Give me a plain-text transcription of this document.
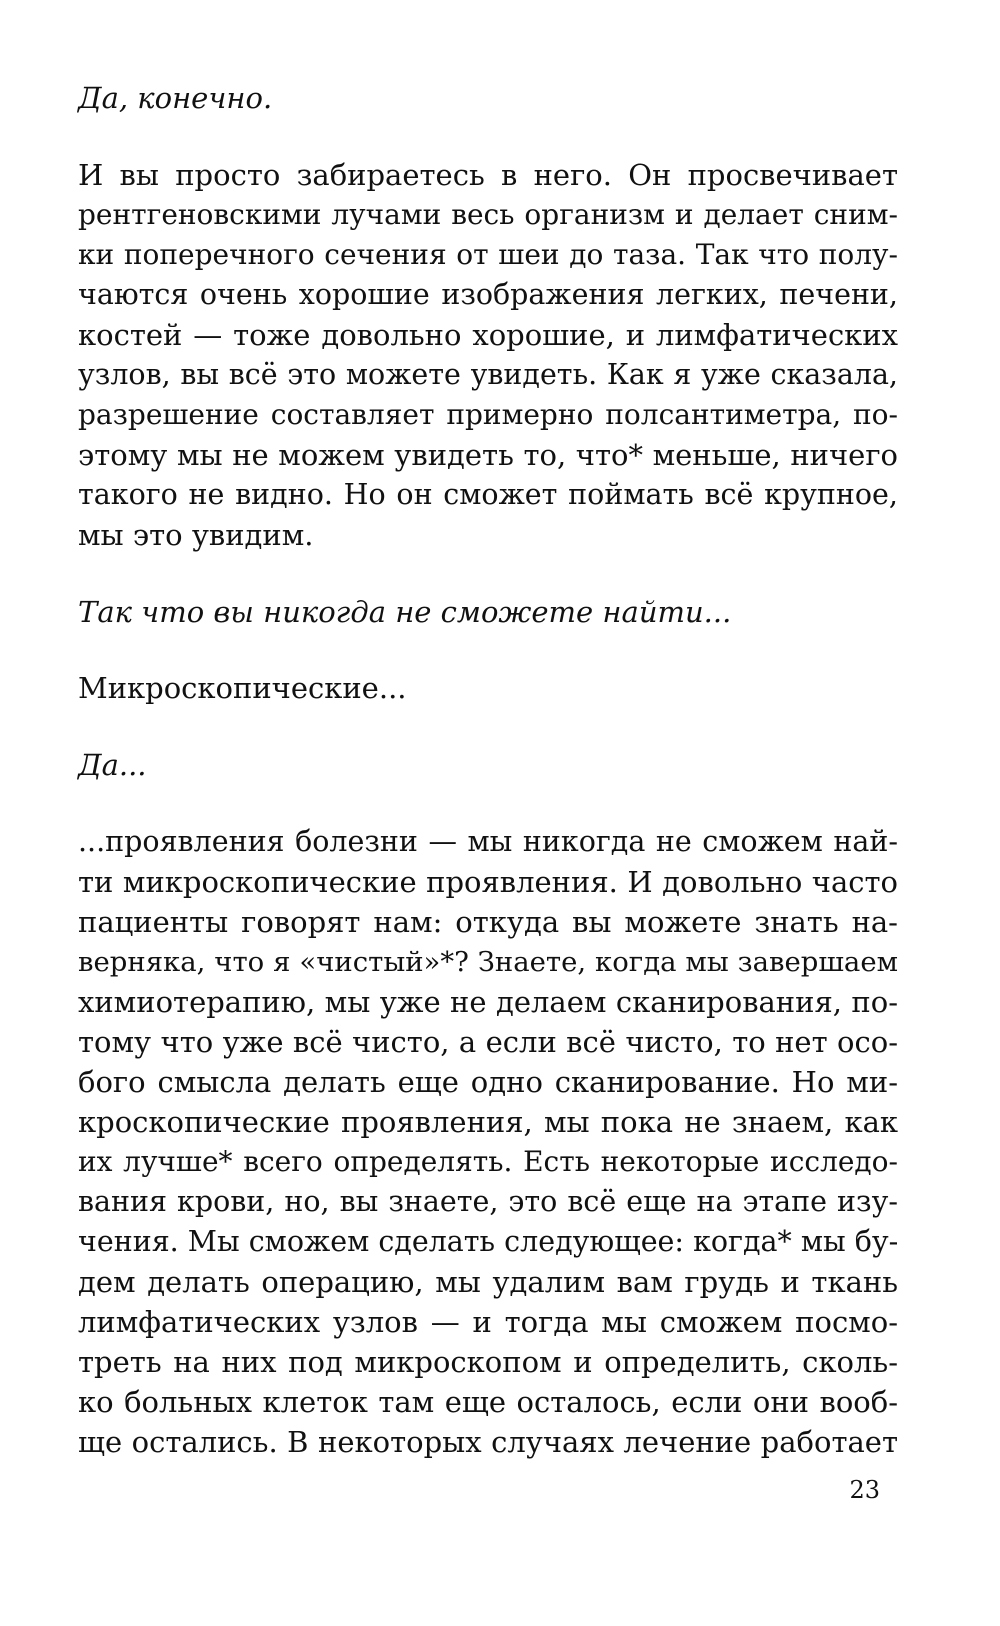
Да, конечно.
И вы просто забираетесь в него. Он просвечивает
рентгеновскими лучами весь организм и делает сним-
ки поперечного сечения от шеи до таза. Так что полу-
чаются очень хорошие изображения легких, печени,
костей — тоже довольно хорошие, и лимфатических
узлов, вы всё это можете увидеть. Как я уже сказала,
разрешение составляет примерно полсантиметра, по-
этому мы не можем увидеть то, что* меньше, ничего
такого не видно. Но он сможет поймать всё крупное,
мы это увидим.
Так что вы никогда не сможете найти...
Микроскопические...
Да...
...проявления болезни — мы никогда не сможем най-
ти микроскопические проявления. И довольно часто
пациенты говорят нам: откуда вы можете знать на-
верняка, что я «чистый»*? Знаете, когда мы завершаем
химиотерапию, мы уже не делаем сканирования, по-
тому что уже всё чисто, а если всё чисто, то нет осо-
бого смысла делать еще одно сканирование. Но ми-
кроскопические проявления, мы пока не знаем, как
их лучше* всего определять. Есть некоторые исследо-
вания крови, но, вы знаете, это всё еще на этапе изу-
чения. Мы сможем сделать следующее: когда* мы бу-
дем делать операцию, мы удалим вам грудь и ткань
лимфатических узлов — и тогда мы сможем посмо-
треть на них под микроскопом и определить, сколь-
ко больных клеток там еще осталось, если они вооб-
ще остались. В некоторых случаях лечение работает
23
